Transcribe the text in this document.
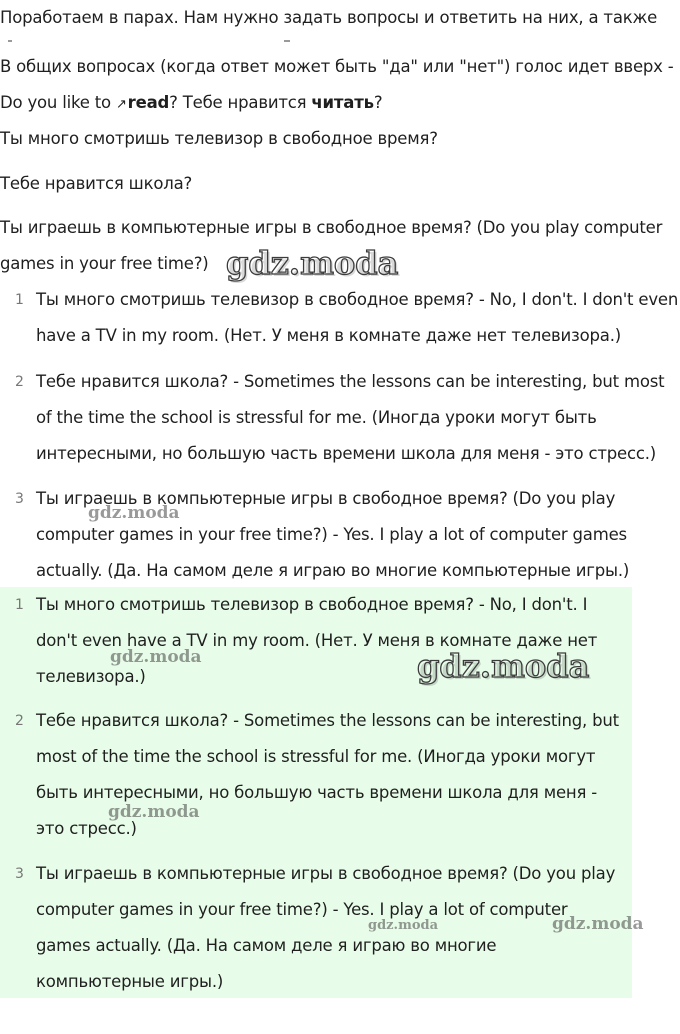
Поработаем в парах. Нам нужно задать вопросы и ответить на них, а также

В общих вопросах (когда ответ может быть "да" или "нет") голос идет вверх -

Do you like to ↗read? Тебе нравится читать?

Ты много смотришь телевизор в свободное время?

Тебе нравится школа?

Ты играешь в компьютерные игры в свободное время? (Do you play computer games in your free time?)

1 Ты много смотришь телевизор в свободное время? - No, I don't. I don't even have a TV in my room. (Нет. У меня в комнате даже нет телевизора.)
2 Тебе нравится школа? - Sometimes the lessons can be interesting, but most of the time the school is stressful for me. (Иногда уроки могут быть интересными, но большую часть времени школа для меня - это стресс.)
3 Ты играешь в компьютерные игры в свободное время? (Do you play computer games in your free time?) - Yes. I play a lot of computer games actually. (Да. На самом деле я играю во многие компьютерные игры.)
1 Ты много смотришь телевизор в свободное время? - No, I don't. I don't even have a TV in my room. (Нет. У меня в комнате даже нет телевизора.)
2 Тебе нравится школа? - Sometimes the lessons can be interesting, but most of the time the school is stressful for me. (Иногда уроки могут быть интересными, но большую часть времени школа для меня - это стресс.)
3 Ты играешь в компьютерные игры в свободное время? (Do you play computer games in your free time?) - Yes. I play a lot of computer games actually. (Да. На самом деле я играю во многие компьютерные игры.)
gdz.moda
gdz.moda
gdz.moda
gdz.moda
gdz.moda
gdz.moda
